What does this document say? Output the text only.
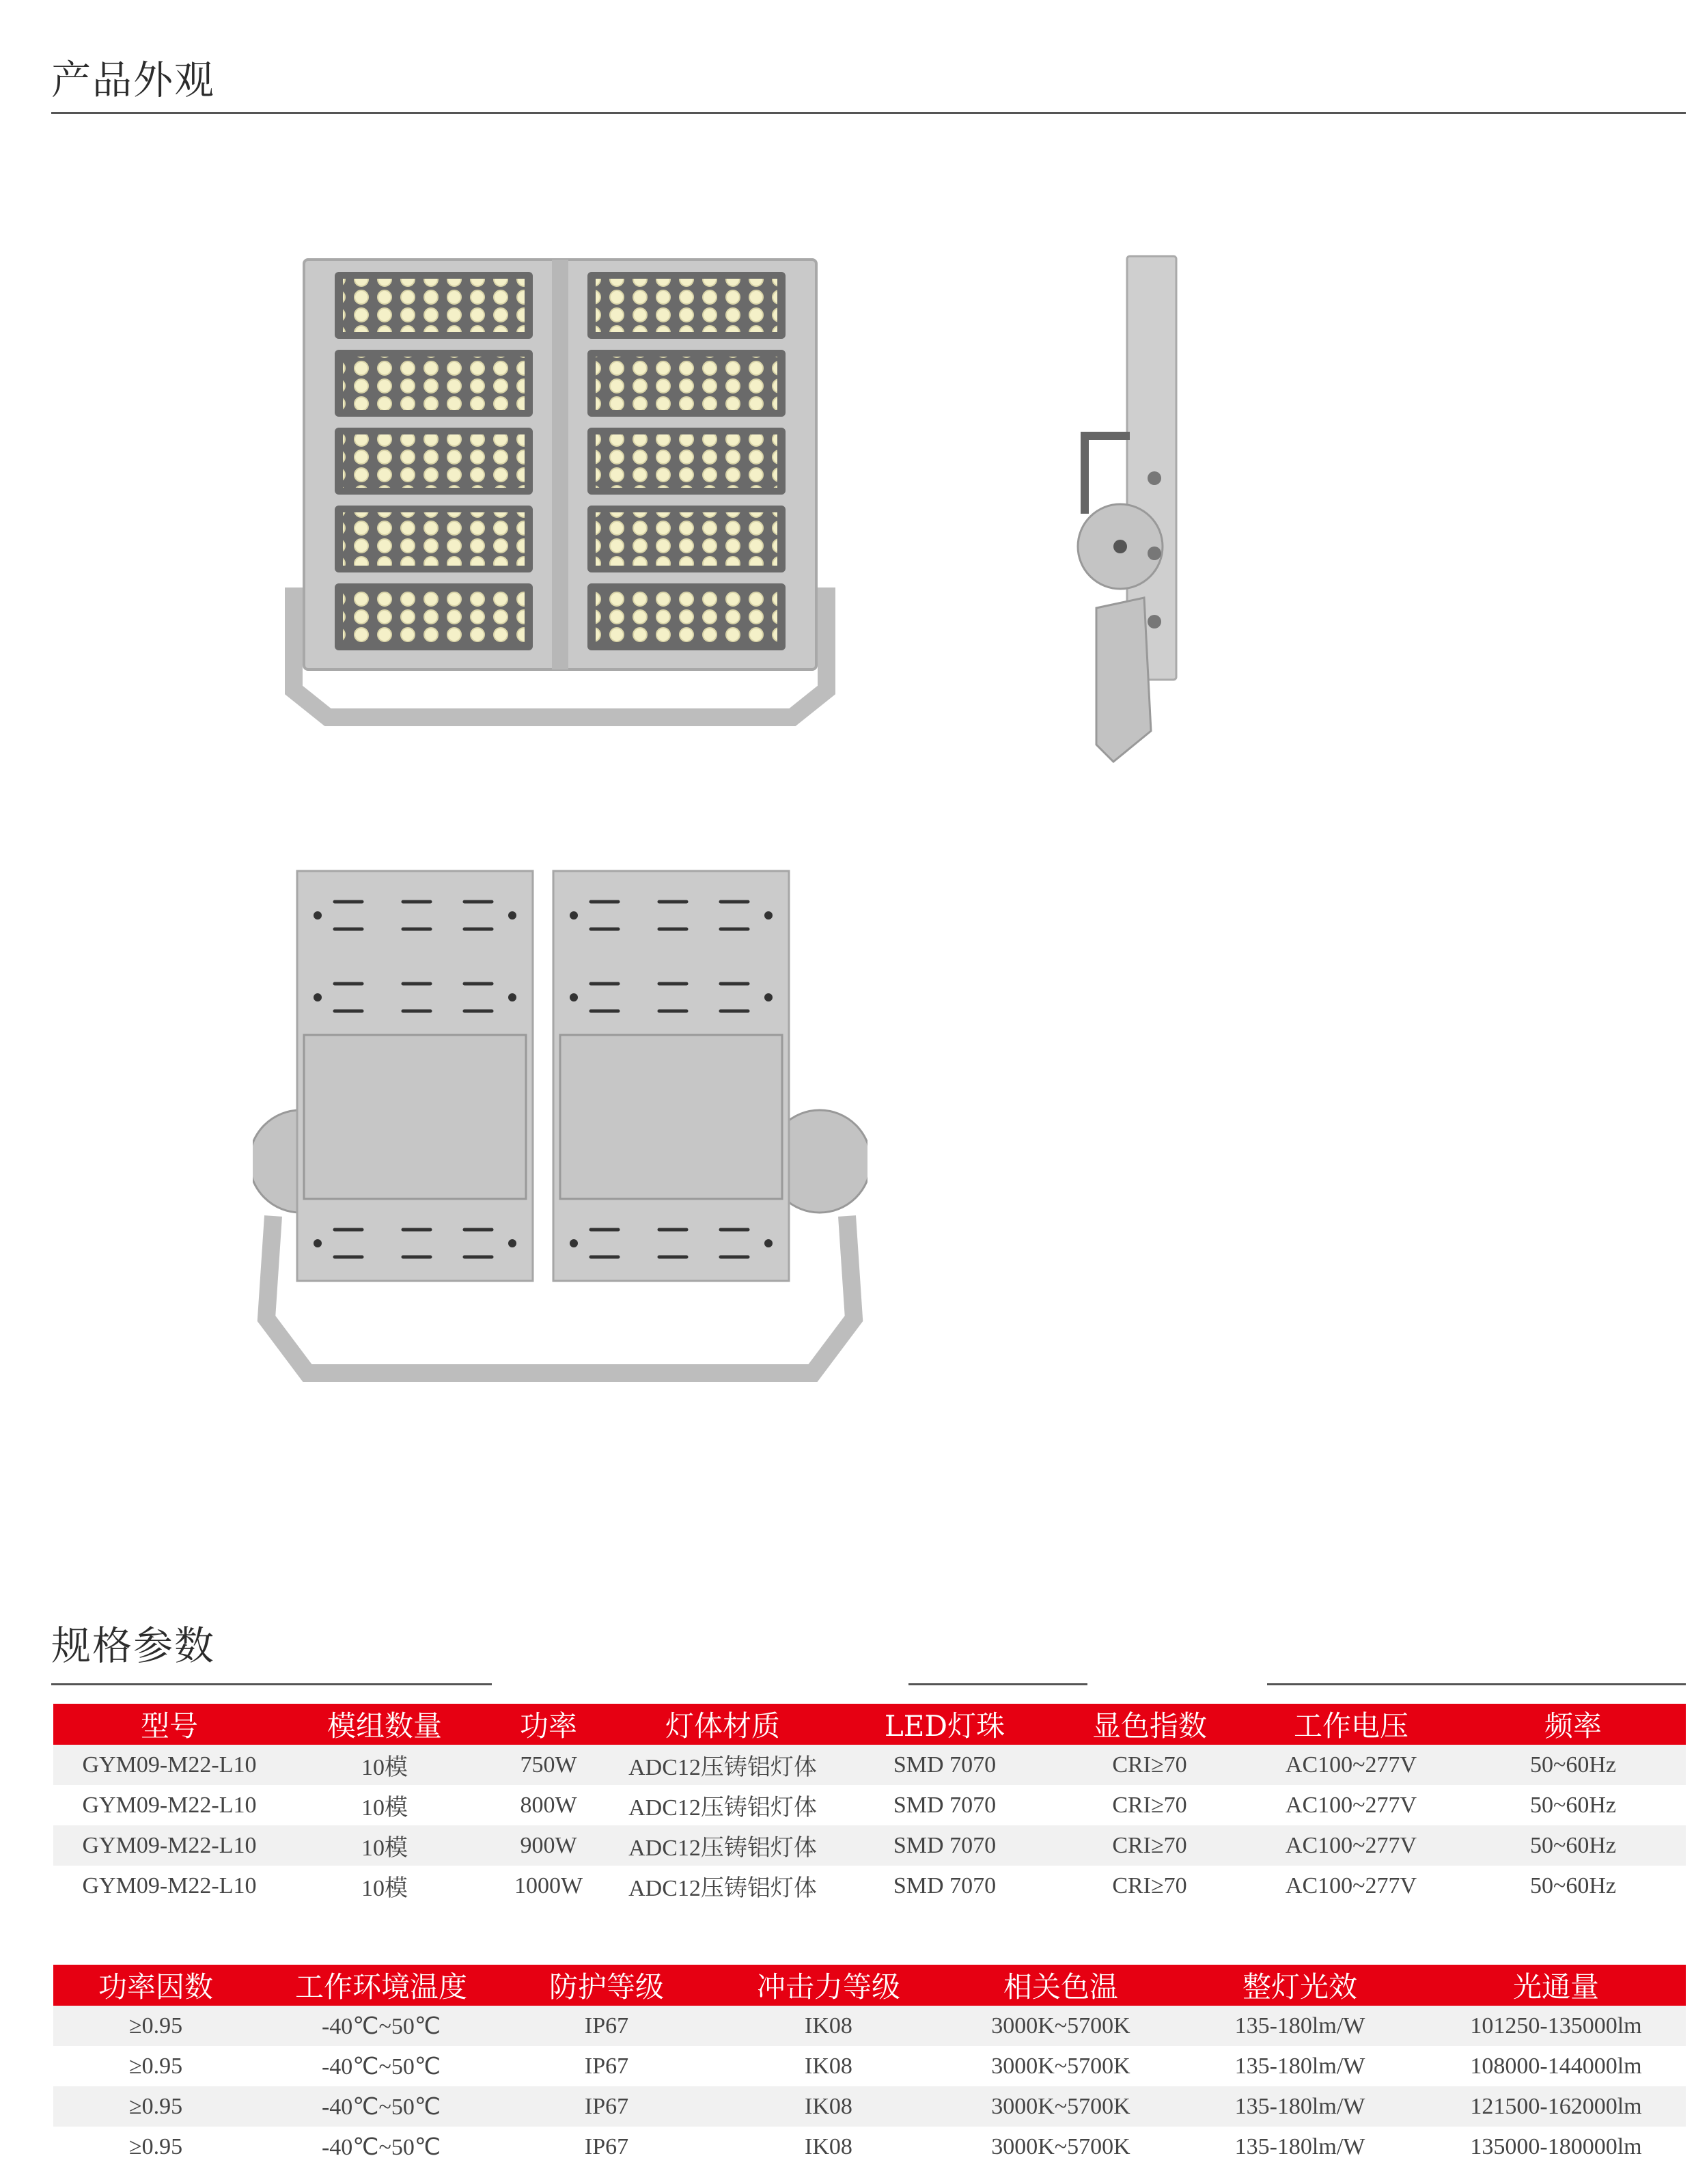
产品外观
规格参数
型号	模组数量	功率	灯体材质	LED灯珠	显色指数	工作电压	频率
GYM09-M22-L10	10模	750W	ADC12压铸铝灯体	SMD 7070	CRI≥70	AC100~277V	50~60Hz
GYM09-M22-L10	10模	800W	ADC12压铸铝灯体	SMD 7070	CRI≥70	AC100~277V	50~60Hz
GYM09-M22-L10	10模	900W	ADC12压铸铝灯体	SMD 7070	CRI≥70	AC100~277V	50~60Hz
GYM09-M22-L10	10模	1000W	ADC12压铸铝灯体	SMD 7070	CRI≥70	AC100~277V	50~60Hz
功率因数	工作环境温度	防护等级	冲击力等级	相关色温	整灯光效	光通量
≥0.95	-40℃~50℃	IP67	IK08	3000K~5700K	135-180lm/W	101250-135000lm
≥0.95	-40℃~50℃	IP67	IK08	3000K~5700K	135-180lm/W	108000-144000lm
≥0.95	-40℃~50℃	IP67	IK08	3000K~5700K	135-180lm/W	121500-162000lm
≥0.95	-40℃~50℃	IP67	IK08	3000K~5700K	135-180lm/W	135000-180000lm
